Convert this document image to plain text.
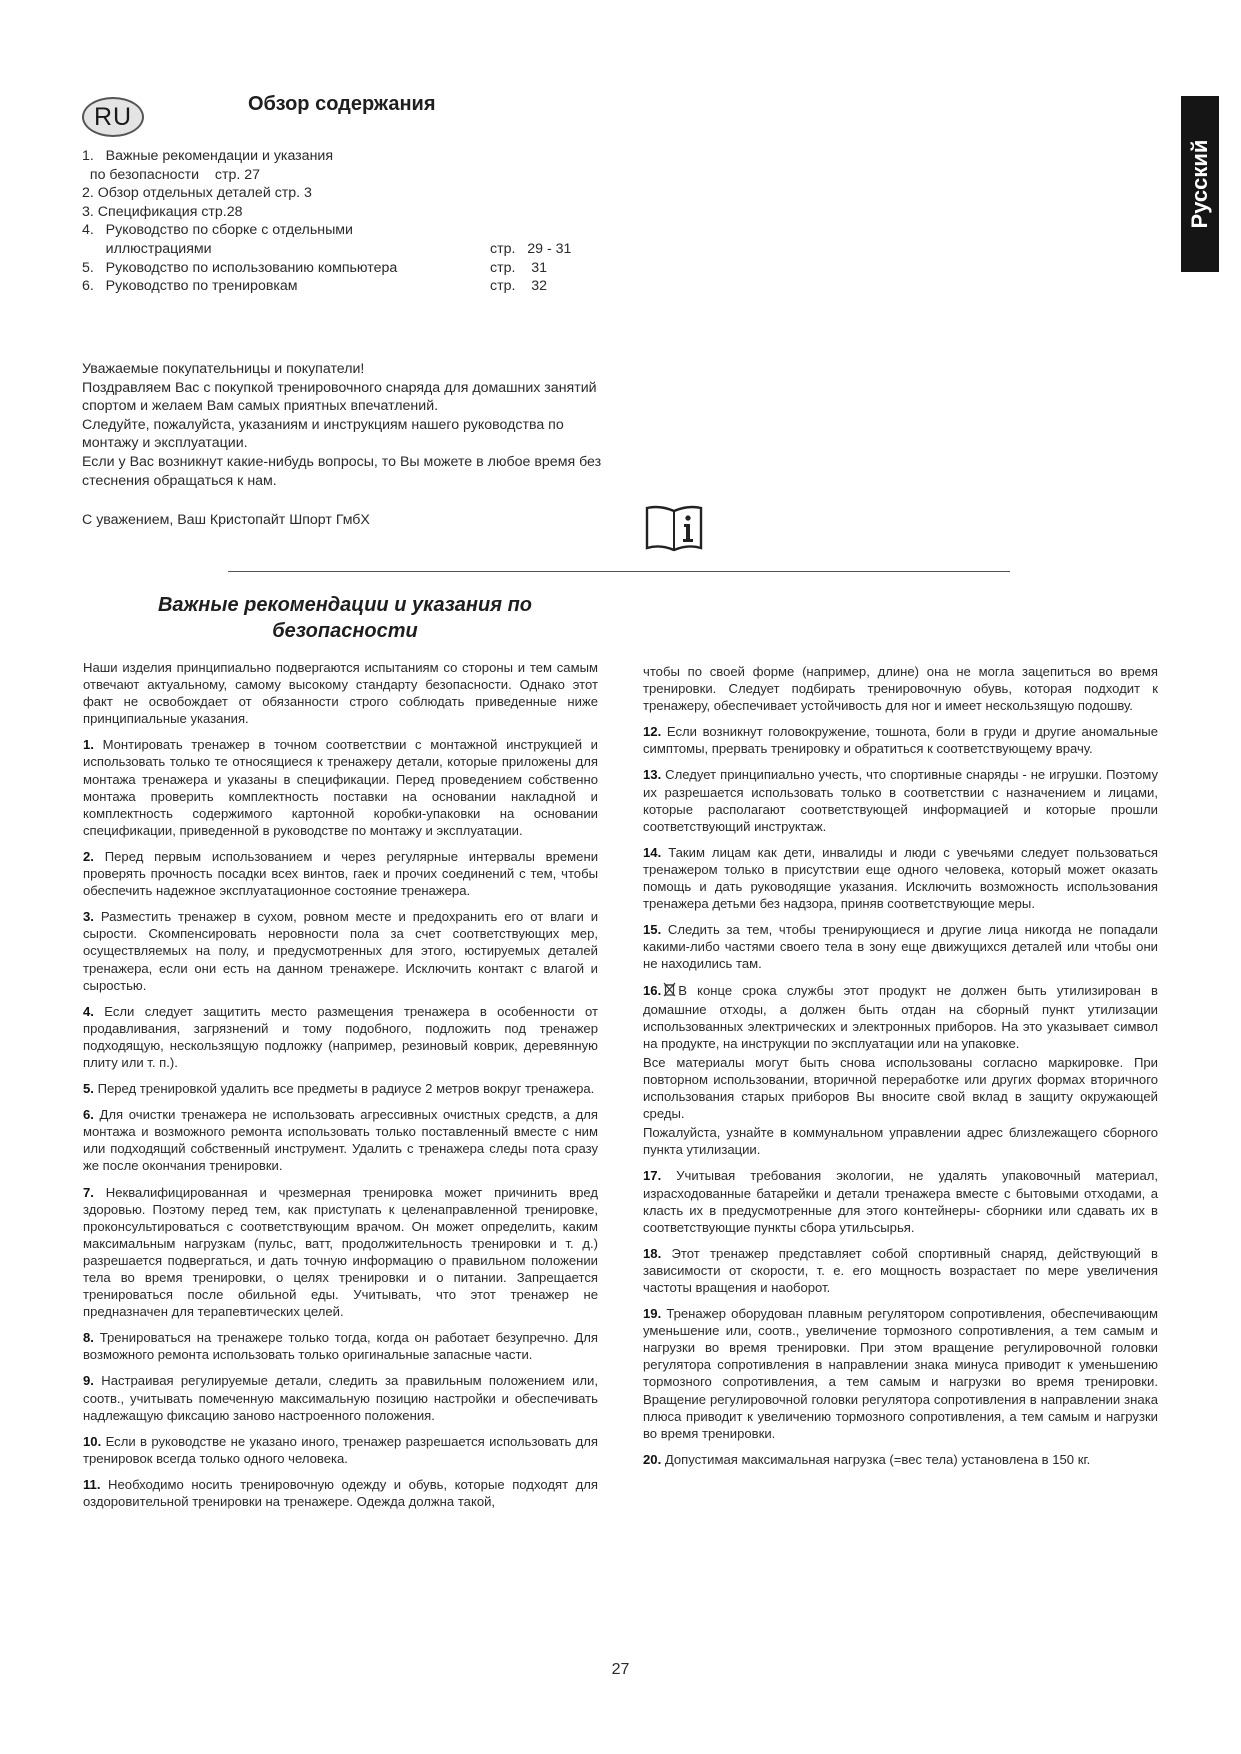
RU	Обзор содержания
Русский
1.   Важные рекомендации и указания
по безопасности    стр. 27
2. Обзор отдельных деталей стр. 3
3. Спецификация стр.28
4.   Руководство по сборке с отдельными
иллюстрациями	стр.   29 - 31
5.   Руководство по использованию компьютера	стр.    31
6.   Руководство по тренировкам	стр.    32

Уважаемые покупательницы и покупатели!

Поздравляем Вас с покупкой тренировочного снаряда для домашних занятий спортом и желаем Вам самых приятных впечатлений.

Следуйте, пожалуйста, указаниям и инструкциям нашего руководства по монтажу и эксплуатации.

Если у Вас возникнут какие-нибудь вопросы, то Вы можете в любое время без стеснения обращаться к нам.

С уважением, Ваш Кристопайт Шпорт ГмбХ
Важные рекомендации и указания по
безопасности

Наши изделия принципиально подвергаются испытаниям со стороны и тем самым отвечают актуальному, самому высокому стандарту безопасности. Однако этот факт не освобождает от обязанности строго соблюдать приведенные ниже принципиальные указания.

1. Монтировать тренажер в точном соответствии с монтажной инструкцией и использовать только те относящиеся к тренажеру детали, которые приложены для монтажа тренажера и указаны в спецификации. Перед проведением собственно монтажа проверить комплектность поставки на основании накладной и комплектность содержимого картонной коробки-упаковки на основании спецификации, приведенной в руководстве по монтажу и эксплуатации.

2. Перед первым использованием и через регулярные интервалы времени проверять прочность посадки всех винтов, гаек и прочих соединений с тем, чтобы обеспечить надежное эксплуатационное состояние тренажера.

3. Разместить тренажер в сухом, ровном месте и предохранить его от влаги и сырости. Скомпенсировать неровности пола за счет соответствующих мер, осуществляемых на полу, и предусмотренных для этого, юстируемых деталей тренажера, если они есть на данном тренажере. Исключить контакт с влагой и сыростью.

4. Если следует защитить место размещения тренажера в особенности от продавливания, загрязнений и тому подобного, подложить под тренажер подходящую, нескользящую подложку (например, резиновый коврик, деревянную плиту или т. п.).

5. Перед тренировкой удалить все предметы в радиусе 2 метров вокруг тренажера.

6. Для очистки тренажера не использовать агрессивных очистных средств, а для монтажа и возможного ремонта использовать только поставленный вместе с ним или подходящий собственный инструмент. Удалить с тренажера следы пота сразу же после окончания тренировки.

7. Неквалифицированная и чрезмерная тренировка может причинить вред здоровью. Поэтому перед тем, как приступать к целенаправленной тренировке, проконсультироваться с соответствующим врачом. Он может определить, каким максимальным нагрузкам (пульс, ватт, продолжительность тренировки и т. д.) разрешается подвергаться, и дать точную информацию о правильном положении тела во время тренировки, о целях тренировки и о питании. Запрещается тренироваться после обильной еды. Учитывать, что этот тренажер не предназначен для терапевтических целей.

8. Тренироваться на тренажере только тогда, когда он работает безупречно. Для возможного ремонта использовать только оригинальные запасные части.

9. Настраивая регулируемые детали, следить за правильным положением или, соотв., учитывать помеченную максимальную позицию настройки и обеспечивать надлежащую фиксацию заново настроенного положения.

10. Если в руководстве не указано иного, тренажер разрешается использовать для тренировок всегда только одного человека.

11. Необходимо носить тренировочную одежду и обувь, которые подходят для оздоровительной тренировки на тренажере. Одежда должна такой,

чтобы по своей форме (например, длине) она не могла зацепиться во время тренировки. Следует подбирать тренировочную обувь, которая подходит к тренажеру, обеспечивает устойчивость для ног и имеет нескользящую подошву.

12. Если возникнут головокружение, тошнота, боли в груди и другие аномальные симптомы, прервать тренировку и обратиться к соответствующему врачу.

13. Следует принципиально учесть, что спортивные снаряды - не игрушки. Поэтому их разрешается использовать только в соответствии с назначением и лицами, которые располагают соответствующей информацией и которые прошли соответствующий инструктаж.

14. Таким лицам как дети, инвалиды и люди с увечьями следует пользоваться тренажером только в присутствии еще одного человека, который может оказать помощь и дать руководящие указания. Исключить возможность использования тренажера детьми без надзора, приняв соответствующие меры.

15. Следить за тем, чтобы тренирующиеся и другие лица никогда не попадали какими-либо частями своего тела в зону еще движущихся деталей или чтобы они не находились там.

16. В конце срока службы этот продукт не должен быть утилизирован в домашние отходы, а должен быть отдан на сборный пункт утилизации использованных электрических и электронных приборов. На это указывает символ на продукте, на инструкции по эксплуатации или на упаковке.

Все материалы могут быть снова использованы согласно маркировке. При повторном использовании, вторичной переработке или других формах вторичного использования старых приборов Вы вносите свой вклад в защиту окружающей среды.

Пожалуйста, узнайте в коммунальном управлении адрес близлежащего сборного пункта утилизации.

17. Учитывая требования экологии, не удалять упаковочный материал, израсходованные батарейки и детали тренажера вместе с бытовыми отходами, а класть их в предусмотренные для этого контейнеры- сборники или сдавать их в соответствующие пункты сбора утильсырья.

18. Этот тренажер представляет собой спортивный снаряд, действующий в зависимости от скорости, т. е. его мощность возрастает по мере увеличения частоты вращения и наоборот.

19. Тренажер оборудован плавным регулятором сопротивления, обеспечивающим уменьшение или, соотв., увеличение тормозного сопротивления, а тем самым и нагрузки во время тренировки. При этом вращение регулировочной головки регулятора сопротивления в направлении знака минуса приводит к уменьшению тормозного сопротивления, а тем самым и нагрузки во время тренировки. Вращение регулировочной головки регулятора сопротивления в направлении знака плюса приводит к увеличению тормозного сопротивления, а тем самым и нагрузки во время тренировки.

20. Допустимая максимальная нагрузка (=вес тела) установлена в 150 кг.

27
